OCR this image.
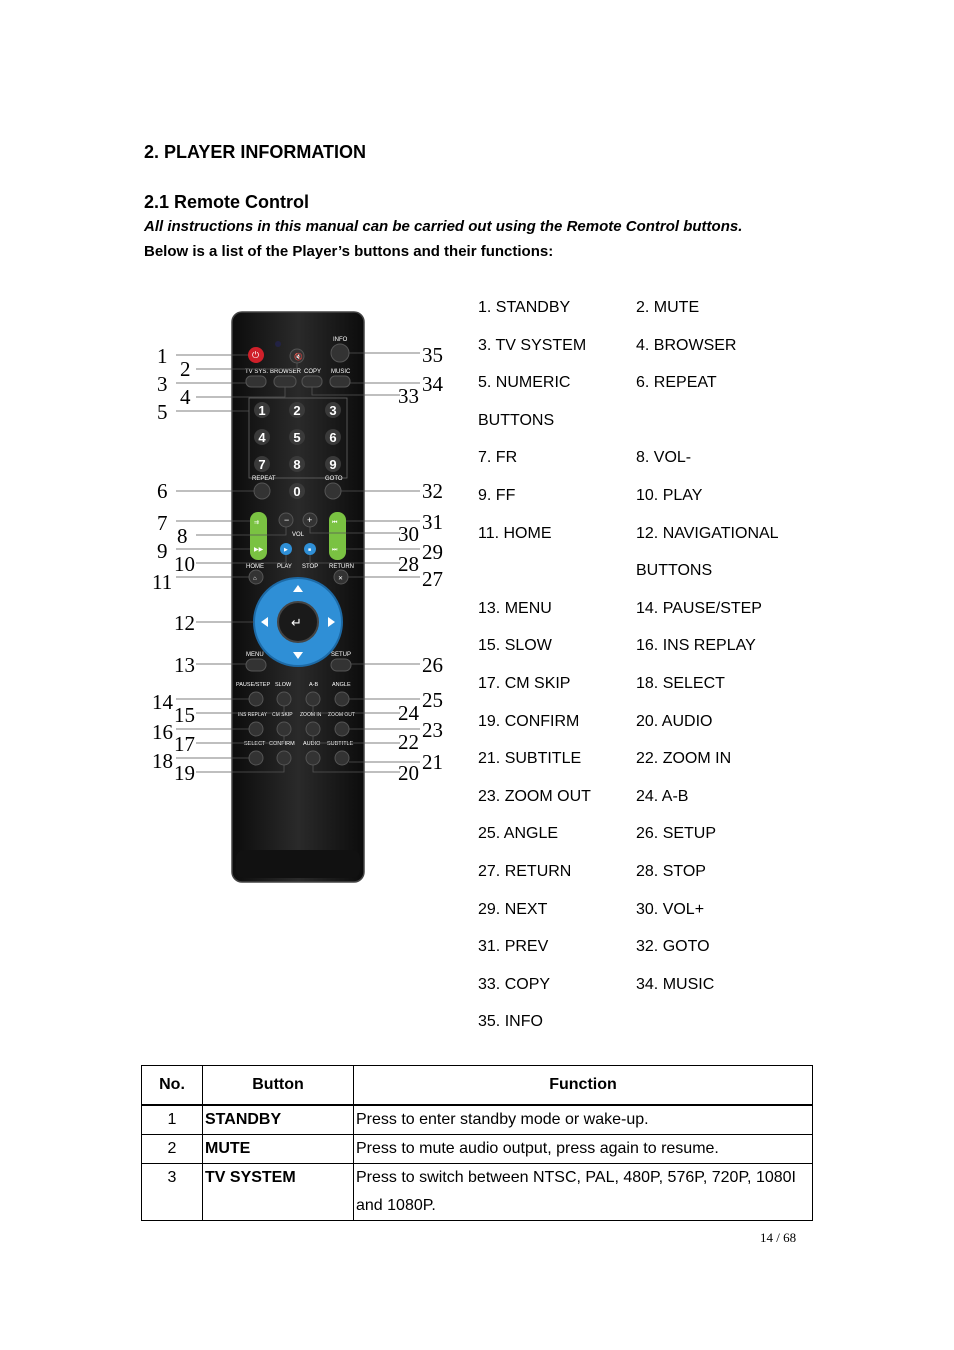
2. PLAYER INFORMATION
2.1 Remote Control
All instructions in this manual can be carried out using the Remote Control buttons.
Below is a list of the Player’s buttons and their functions:
⏻	🔇
INFO
TV SYS. BROWSER COPY MUSIC
1 2 3
4 5 6
7 8 9
0
REPEAT	GOTO
⇉
▶▶
⏮
⏭
− +
VOL
▶	■
HOME PLAY STOP RETURN
⌂	✕
↵
MENU	SETUP
PAUSE/STEP SLOW	A-B	ANGLE
INS REPLAY CM SKIP ZOOM IN ZOOM OUT
SELECT CONFIRM AUDIO SUBTITLE
1
2
3
4
5
6
7
8
9
10
11
12
13
14
15
16 17
18 19	20 21
22 23
24
25
26
27
28 29
30 31
32
33 34
35
1. STANDBY	2. MUTE
3. TV SYSTEM	4. BROWSER
5. NUMERIC	6. REPEAT
BUTTONS
7. FR	8. VOL-
9. FF	10. PLAY
11. HOME	12. NAVIGATIONAL
BUTTONS
13. MENU	14. PAUSE/STEP
15. SLOW	16. INS REPLAY
17. CM SKIP	18. SELECT
19. CONFIRM	20. AUDIO
21. SUBTITLE	22. ZOOM IN
23. ZOOM OUT	24. A-B
25. ANGLE	26. SETUP
27. RETURN	28. STOP
29. NEXT	30. VOL+
31. PREV	32. GOTO
33. COPY	34. MUSIC
35. INFO
No.	Button	Function
1	STANDBY	Press to enter standby mode or wake-up.
2	MUTE	Press to mute audio output, press again to resume.
3	TV SYSTEM	Press to switch between NTSC, PAL, 480P, 576P, 720P, 1080I and 1080P.
14 / 68
